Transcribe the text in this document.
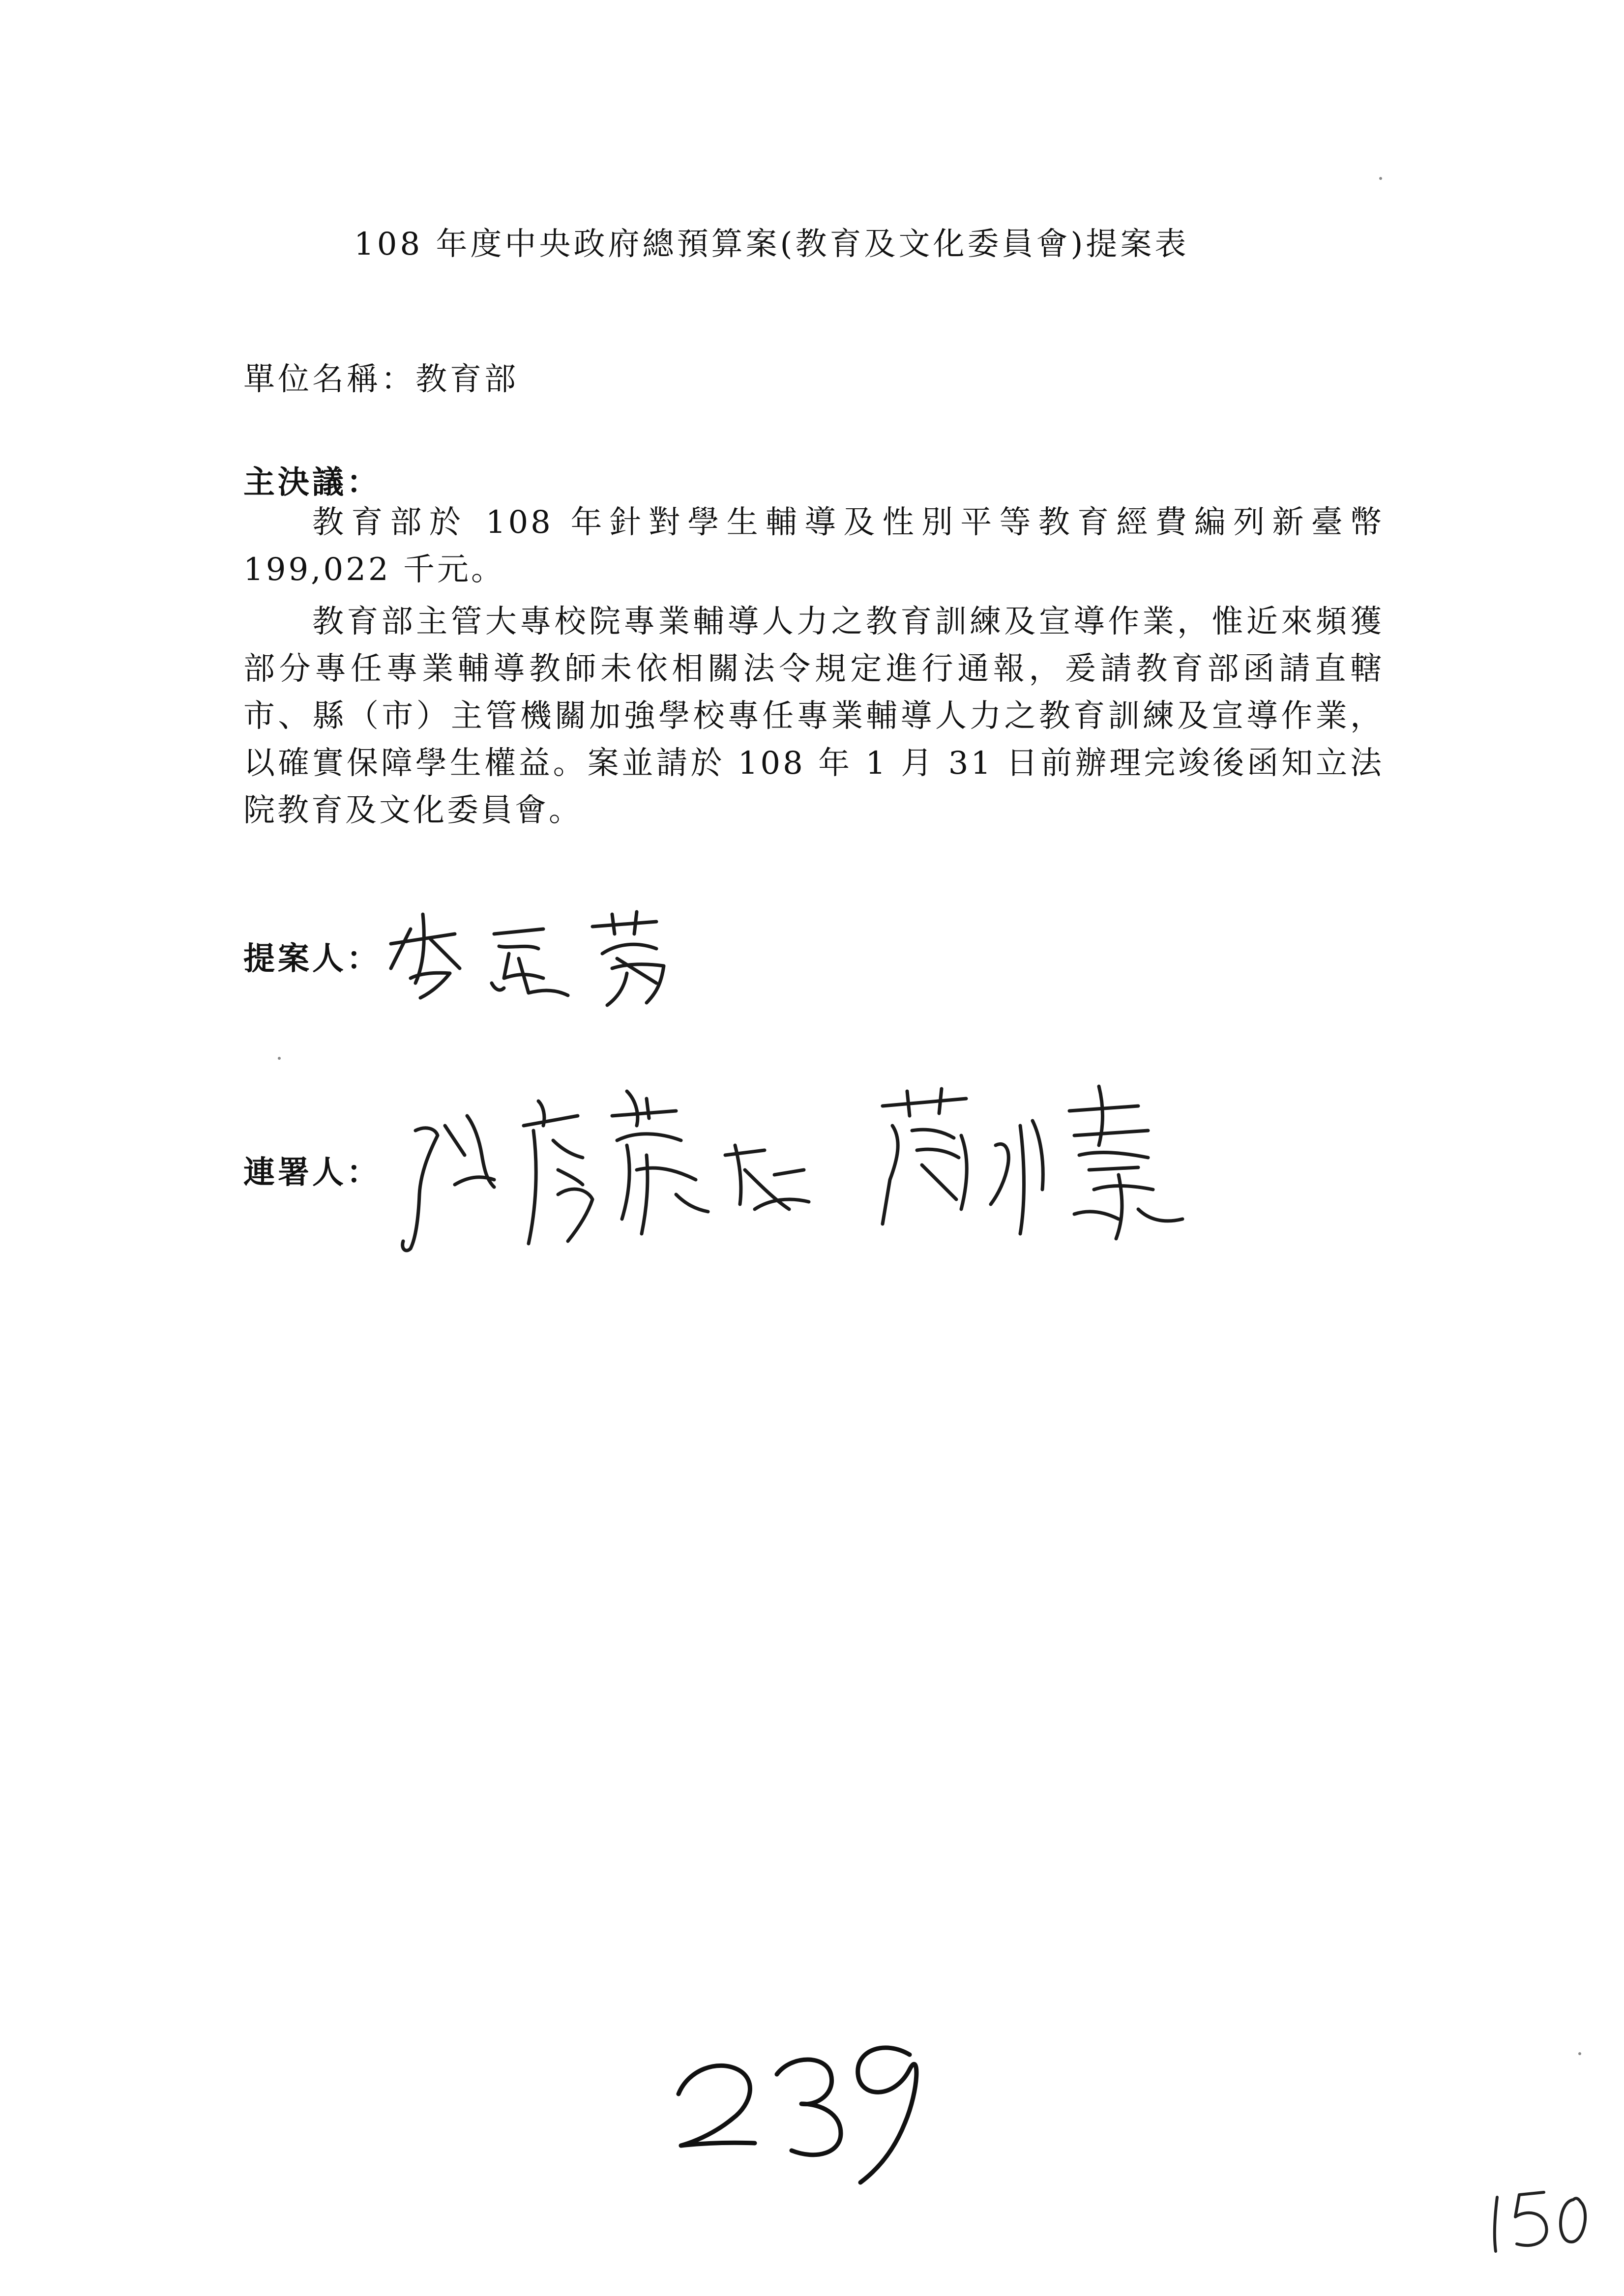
108 年度中央政府總預算案(教育及文化委員會)提案表
單位名稱：教育部
主決議：

教育部於 108 年針對學生輔導及性別平等教育經費編列新臺幣 199,022 千元。

教育部主管大專校院專業輔導人力之教育訓練及宣導作業，惟近來頻獲部分專任專業輔導教師未依相關法令規定進行通報，爰請教育部函請直轄市、縣（市）主管機關加強學校專任專業輔導人力之教育訓練及宣導作業，以確實保障學生權益。案並請於 108 年 1 月 31 日前辦理完竣後函知立法院教育及文化委員會。

提案人：
連署人：
